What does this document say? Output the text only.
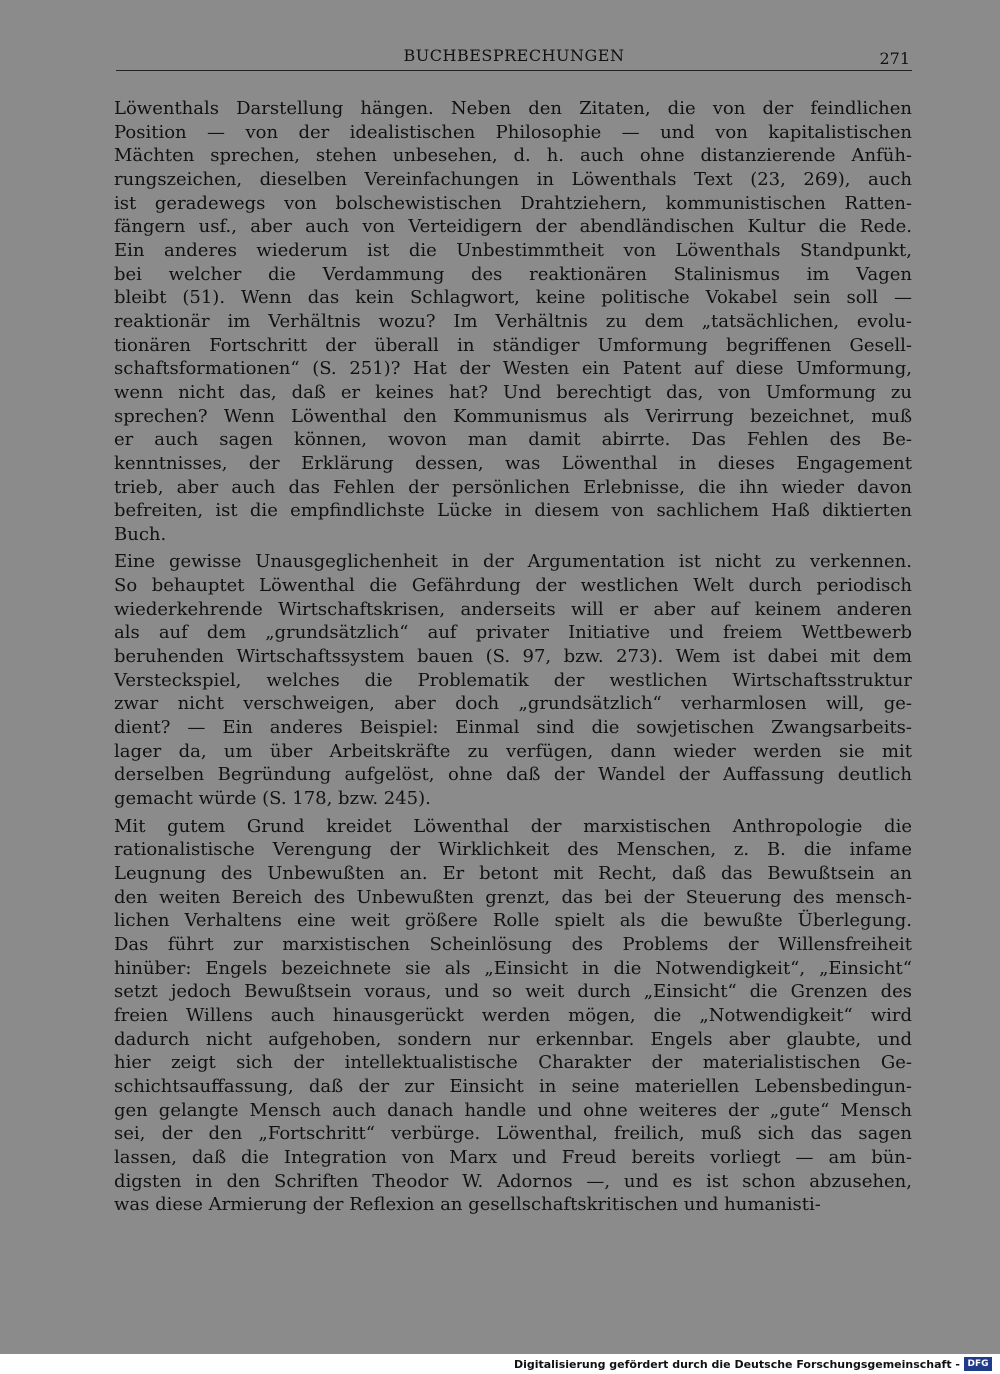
BUCHBESPRECHUNGEN	271

Löwenthals Darstellung hängen. Neben den Zitaten, die von der feindlichen
Position — von der idealistischen Philosophie — und von kapitalistischen
Mächten sprechen, stehen unbesehen, d. h. auch ohne distanzierende Anfüh-
rungszeichen, dieselben Vereinfachungen in Löwenthals Text (23, 269), auch
ist geradewegs von bolschewistischen Drahtziehern, kommunistischen Ratten-
fängern usf., aber auch von Verteidigern der abendländischen Kultur die Rede.
Ein anderes wiederum ist die Unbestimmtheit von Löwenthals Standpunkt,
bei welcher die Verdammung des reaktionären Stalinismus im Vagen
bleibt (51). Wenn das kein Schlagwort, keine politische Vokabel sein soll —
reaktionär im Verhältnis wozu? Im Verhältnis zu dem „tatsächlichen, evolu-
tionären Fortschritt der überall in ständiger Umformung begriffenen Gesell-
schaftsformationen“ (S. 251)? Hat der Westen ein Patent auf diese Umformung,
wenn nicht das, daß er keines hat? Und berechtigt das, von Umformung zu
sprechen? Wenn Löwenthal den Kommunismus als Verirrung bezeichnet, muß
er auch sagen können, wovon man damit abirrte. Das Fehlen des Be-
kenntnisses, der Erklärung dessen, was Löwenthal in dieses Engagement
trieb, aber auch das Fehlen der persönlichen Erlebnisse, die ihn wieder davon
befreiten, ist die empfindlichste Lücke in diesem von sachlichem Haß diktierten
Buch.

Eine gewisse Unausgeglichenheit in der Argumentation ist nicht zu verkennen.
So behauptet Löwenthal die Gefährdung der westlichen Welt durch periodisch
wiederkehrende Wirtschaftskrisen, anderseits will er aber auf keinem anderen
als auf dem „grundsätzlich“ auf privater Initiative und freiem Wettbewerb
beruhenden Wirtschaftssystem bauen (S. 97, bzw. 273). Wem ist dabei mit dem
Versteckspiel, welches die Problematik der westlichen Wirtschaftsstruktur
zwar nicht verschweigen, aber doch „grundsätzlich“ verharmlosen will, ge-
dient? — Ein anderes Beispiel: Einmal sind die sowjetischen Zwangsarbeits-
lager da, um über Arbeitskräfte zu verfügen, dann wieder werden sie mit
derselben Begründung aufgelöst, ohne daß der Wandel der Auffassung deutlich
gemacht würde (S. 178, bzw. 245).

Mit gutem Grund kreidet Löwenthal der marxistischen Anthropologie die
rationalistische Verengung der Wirklichkeit des Menschen, z. B. die infame
Leugnung des Unbewußten an. Er betont mit Recht, daß das Bewußtsein an
den weiten Bereich des Unbewußten grenzt, das bei der Steuerung des mensch-
lichen Verhaltens eine weit größere Rolle spielt als die bewußte Überlegung.
Das führt zur marxistischen Scheinlösung des Problems der Willensfreiheit
hinüber: Engels bezeichnete sie als „Einsicht in die Notwendigkeit“, „Einsicht“
setzt jedoch Bewußtsein voraus, und so weit durch „Einsicht“ die Grenzen des
freien Willens auch hinausgerückt werden mögen, die „Notwendigkeit“ wird
dadurch nicht aufgehoben, sondern nur erkennbar. Engels aber glaubte, und
hier zeigt sich der intellektualistische Charakter der materialistischen Ge-
schichtsauffassung, daß der zur Einsicht in seine materiellen Lebensbedingun-
gen gelangte Mensch auch danach handle und ohne weiteres der „gute“ Mensch
sei, der den „Fortschritt“ verbürge. Löwenthal, freilich, muß sich das sagen
lassen, daß die Integration von Marx und Freud bereits vorliegt — am bün-
digsten in den Schriften Theodor W. Adornos —, und es ist schon abzusehen,
was diese Armierung der Reflexion an gesellschaftskritischen und humanisti-

Digitalisierung gefördert durch die Deutsche Forschungsgemeinschaft - DFG
